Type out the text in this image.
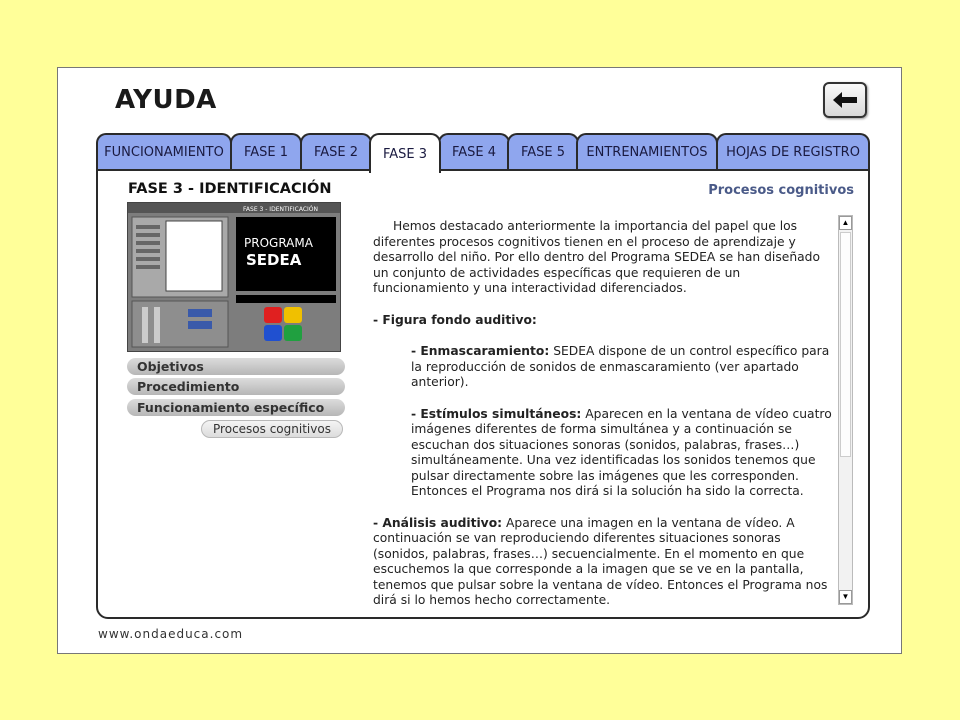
AYUDA
FUNCIONAMIENTO	FASE 1	FASE 2	FASE 3	FASE 4	FASE 5	ENTRENAMIENTOS	HOJAS DE REGISTRO
FASE 3 - IDENTIFICACIÓN	Procesos cognitivos
FASE 3 - IDENTIFICACIÓN
PROGRAMA
SEDEA
Objetivos
Procedimiento
Funcionamiento específico
Procesos cognitivos

Hemos destacado anteriormente la importancia del papel que los diferentes procesos cognitivos tienen en el proceso de aprendizaje y desarrollo del niño. Por ello dentro del Programa SEDEA se han diseñado un conjunto de actividades específicas que requieren de un funcionamiento y una interactividad diferenciados.

- Figura fondo auditivo:

- Enmascaramiento: SEDEA dispone de un control específico para la reproducción de sonidos de enmascaramiento (ver apartado anterior).

- Estímulos simultáneos: Aparecen en la ventana de vídeo cuatro imágenes diferentes de forma simultánea y a continuación se escuchan dos situaciones sonoras (sonidos, palabras, frases…) simultáneamente. Una vez identificadas los sonidos tenemos que pulsar directamente sobre las imágenes que les corresponden. Entonces el Programa nos dirá si la solución ha sido la correcta.

- Análisis auditivo: Aparece una imagen en la ventana de vídeo. A continuación se van reproduciendo diferentes situaciones sonoras (sonidos, palabras, frases…) secuencialmente. En el momento en que escuchemos la que corresponde a la imagen que se ve en la pantalla, tenemos que pulsar sobre la ventana de vídeo. Entonces el Programa nos dirá si lo hemos hecho correctamente.

▲
▼
www.ondaeduca.com
